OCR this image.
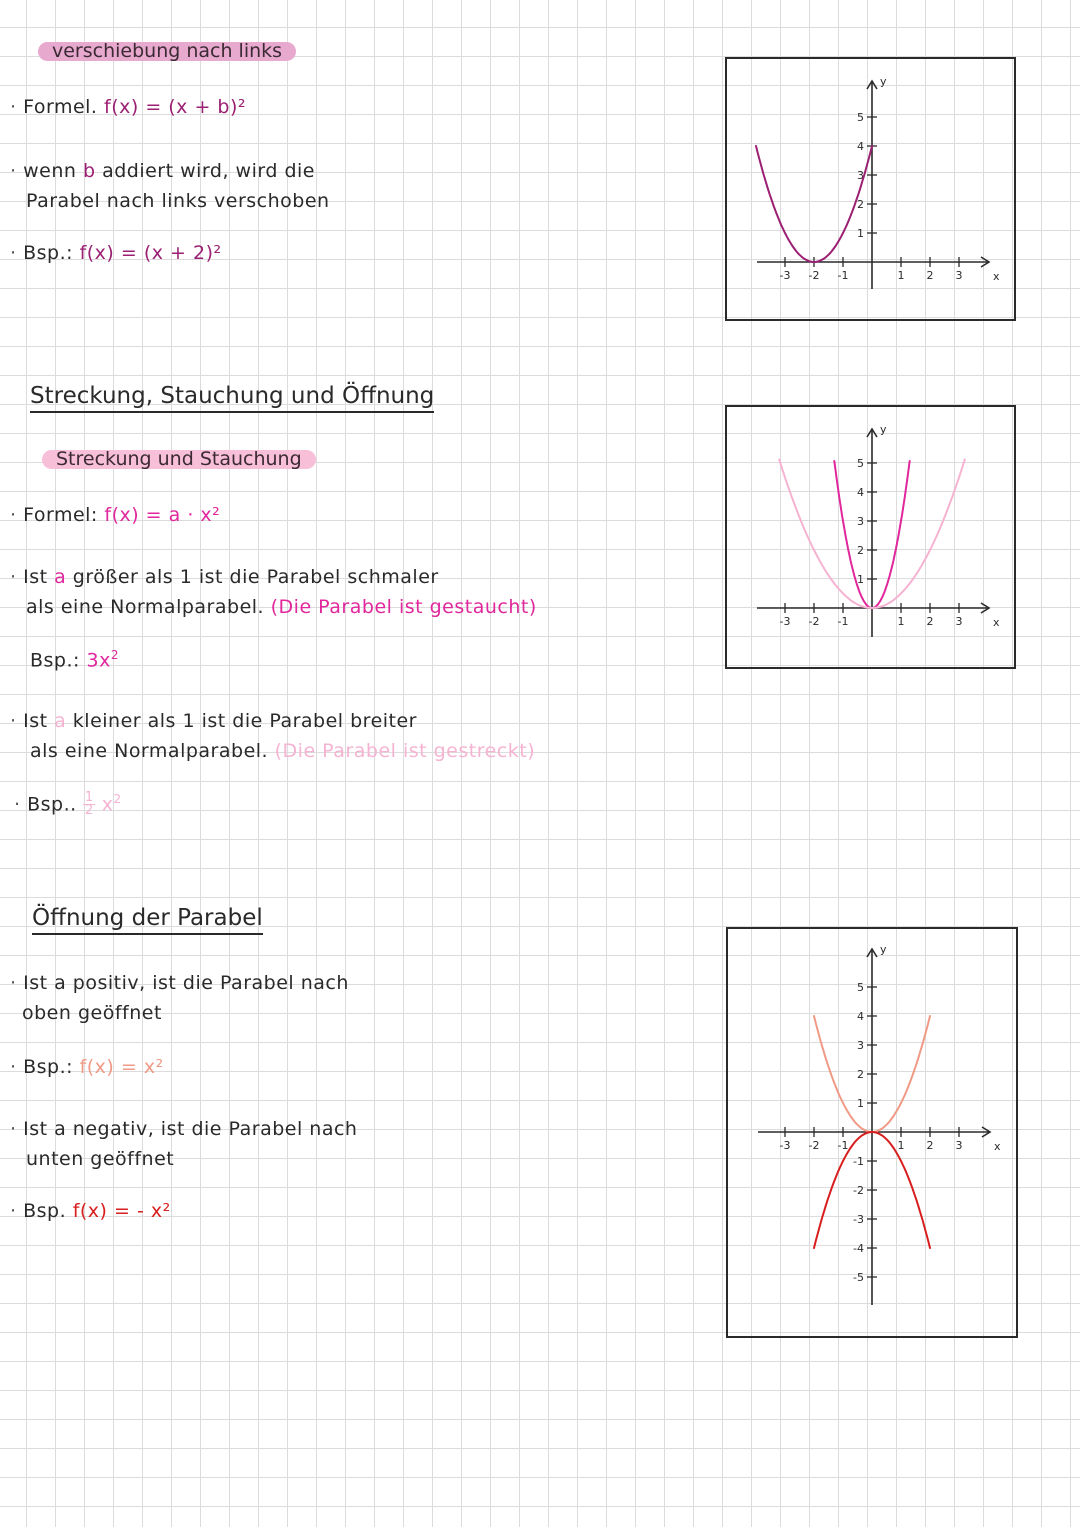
verschiebung nach links
· Formel. f(x) = (x + b)²
· wenn b addiert wird, wird die
Parabel nach links verschoben
· Bsp.: f(x) = (x + 2)²
x
y
-3 -2 -1	1 2 3
1
2
3
4
5
Streckung, Stauchung und Öffnung
Streckung und Stauchung
· Formel: f(x) = a · x²
· Ist a größer als 1 ist die Parabel schmaler
als eine Normalparabel. (Die Parabel ist gestaucht)
Bsp.: $3x^2$
· Ist a kleiner als 1 ist die Parabel breiter
als eine Normalparabel. (Die Parabel ist gestreckt)
· Bsp.. $\frac{1}{2} x^2$
x
y
-3 -2 -1	1 2 3
1
2
3
4
5
Öffnung der Parabel
· Ist a positiv, ist die Parabel nach
oben geöffnet
· Bsp.: f(x) = x²
· Ist a negativ, ist die Parabel nach
unten geöffnet
· Bsp. f(x) = - x²
x
y
-3 -2 -1	1 2 3
1
2
3
4
5
-1
-2
-3
-4
-5
